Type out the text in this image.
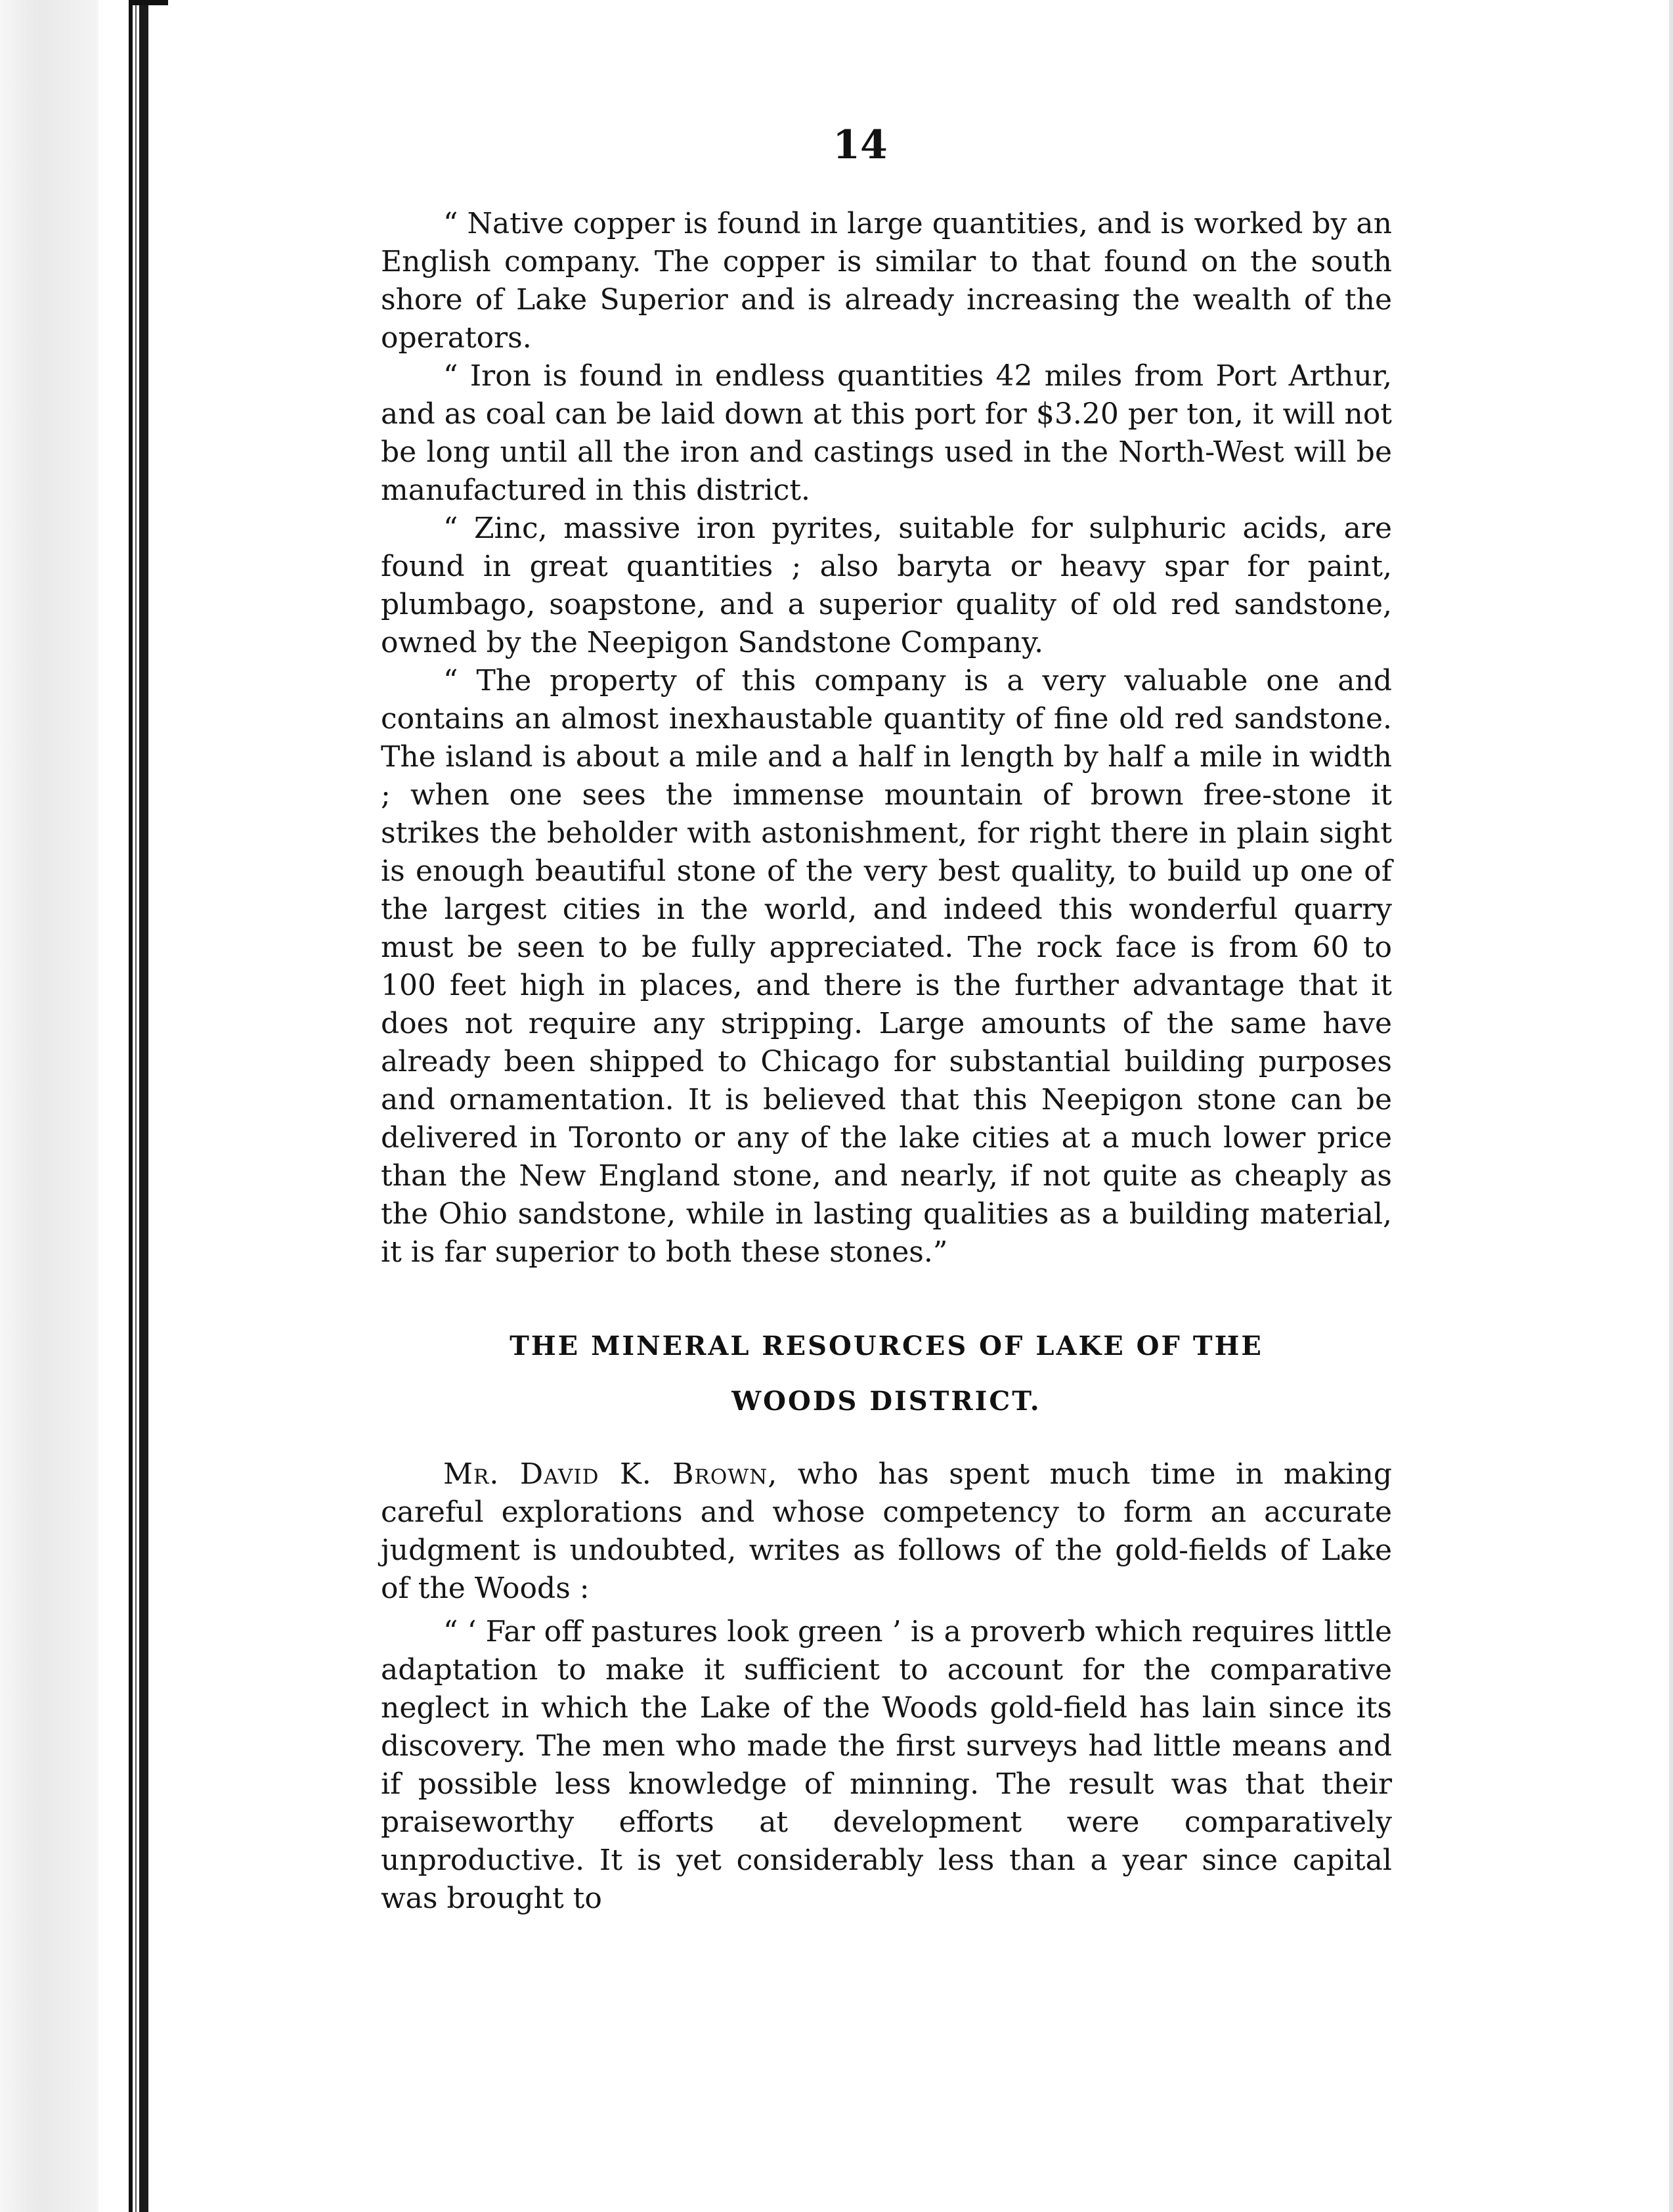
14

“ Native copper is found in large quantities, and is worked by an English company. The copper is similar to that found on the south shore of Lake Superior and is already increasing the wealth of the operators.

“ Iron is found in endless quantities 42 miles from Port Arthur, and as coal can be laid down at this port for $3.20 per ton, it will not be long until all the iron and castings used in the North-West will be manufactured in this district.

“ Zinc, massive iron pyrites, suitable for sulphuric acids, are found in great quantities ; also baryta or heavy spar for paint, plumbago, soapstone, and a superior quality of old red sandstone, owned by the Neepigon Sandstone Company.

“ The property of this company is a very valuable one and contains an almost inexhaustable quantity of fine old red sandstone. The island is about a mile and a half in length by half a mile in width ; when one sees the immense mountain of brown free-stone it strikes the beholder with astonishment, for right there in plain sight is enough beautiful stone of the very best quality, to build up one of the largest cities in the world, and indeed this wonderful quarry must be seen to be fully appreciated. The rock face is from 60 to 100 feet high in places, and there is the further advantage that it does not require any stripping. Large amounts of the same have already been shipped to Chicago for substantial building purposes and ornamentation. It is believed that this Neepigon stone can be delivered in Toronto or any of the lake cities at a much lower price than the New England stone, and nearly, if not quite as cheaply as the Ohio sandstone, while in lasting qualities as a building material, it is far superior to both these stones.”

THE MINERAL RESOURCES OF LAKE OF THE
WOODS DISTRICT.

Mr. David K. Brown, who has spent much time in making careful explorations and whose competency to form an accurate judgment is undoubted, writes as follows of the gold-fields of Lake of the Woods :

“ ‘ Far off pastures look green ’ is a proverb which requires little adaptation to make it sufficient to account for the comparative neglect in which the Lake of the Woods gold-field has lain since its discovery. The men who made the first surveys had little means and if possible less knowledge of minning. The result was that their praiseworthy efforts at development were comparatively unproductive. It is yet considerably less than a year since capital was brought to
